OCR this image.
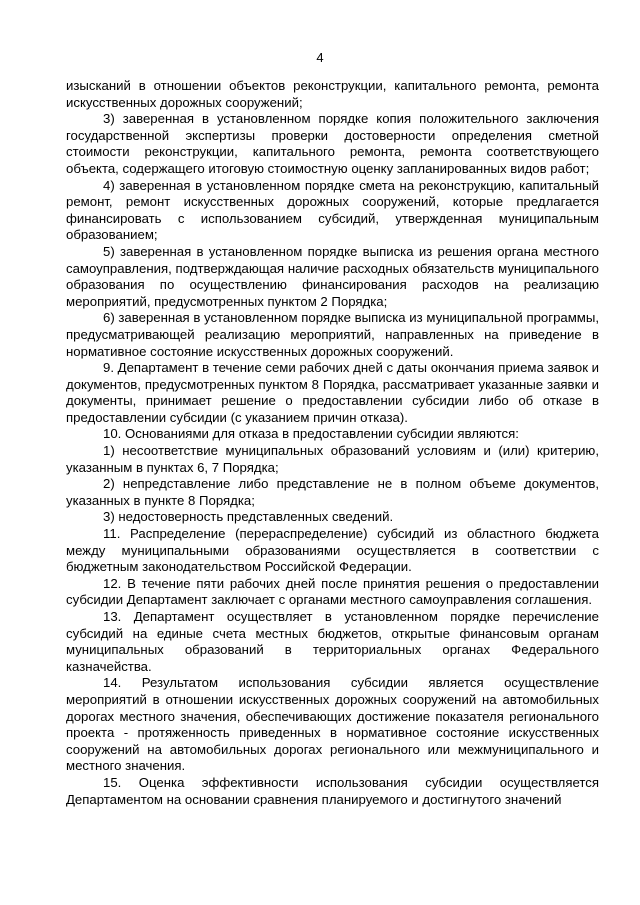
4

изысканий в отношении объектов реконструкции, капитального ремонта, ремонта искусственных дорожных сооружений;

3) заверенная в установленном порядке копия положительного заключения государственной экспертизы проверки достоверности определения сметной стоимости реконструкции, капитального ремонта, ремонта соответствующего объекта, содержащего итоговую стоимостную оценку запланированных видов работ;

4) заверенная в установленном порядке смета на реконструкцию, капитальный ремонт, ремонт искусственных дорожных сооружений, которые предлагается финансировать с использованием субсидий, утвержденная муниципальным образованием;

5) заверенная в установленном порядке выписка из решения органа местного самоуправления, подтверждающая наличие расходных обязательств муниципального образования по осуществлению финансирования расходов на реализацию мероприятий, предусмотренных пунктом 2 Порядка;

6) заверенная в установленном порядке выписка из муниципальной программы, предусматривающей реализацию мероприятий, направленных на приведение в нормативное состояние искусственных дорожных сооружений.

9. Департамент в течение семи рабочих дней с даты окончания приема заявок и документов, предусмотренных пунктом 8 Порядка, рассматривает указанные заявки и документы, принимает решение о предоставлении субсидии либо об отказе в предоставлении субсидии (с указанием причин отказа).

10. Основаниями для отказа в предоставлении субсидии являются:

1) несоответствие муниципальных образований условиям и (или) критерию, указанным в пунктах 6, 7 Порядка;

2) непредставление либо представление не в полном объеме документов, указанных в пункте 8 Порядка;

3) недостоверность представленных сведений.

11. Распределение (перераспределение) субсидий из областного бюджета между муниципальными образованиями осуществляется в соответствии с бюджетным законодательством Российской Федерации.

12. В течение пяти рабочих дней после принятия решения о предоставлении субсидии Департамент заключает с органами местного самоуправления соглашения.

13. Департамент осуществляет в установленном порядке перечисление субсидий на единые счета местных бюджетов, открытые финансовым органам муниципальных образований в территориальных органах Федерального казначейства.

14. Результатом использования субсидии является осуществление мероприятий в отношении искусственных дорожных сооружений на автомобильных дорогах местного значения, обеспечивающих достижение показателя регионального проекта - протяженность приведенных в нормативное состояние искусственных сооружений на автомобильных дорогах регионального или межмуниципального и местного значения.

15. Оценка эффективности использования субсидии осуществляется Департаментом на основании сравнения планируемого и достигнутого значений
